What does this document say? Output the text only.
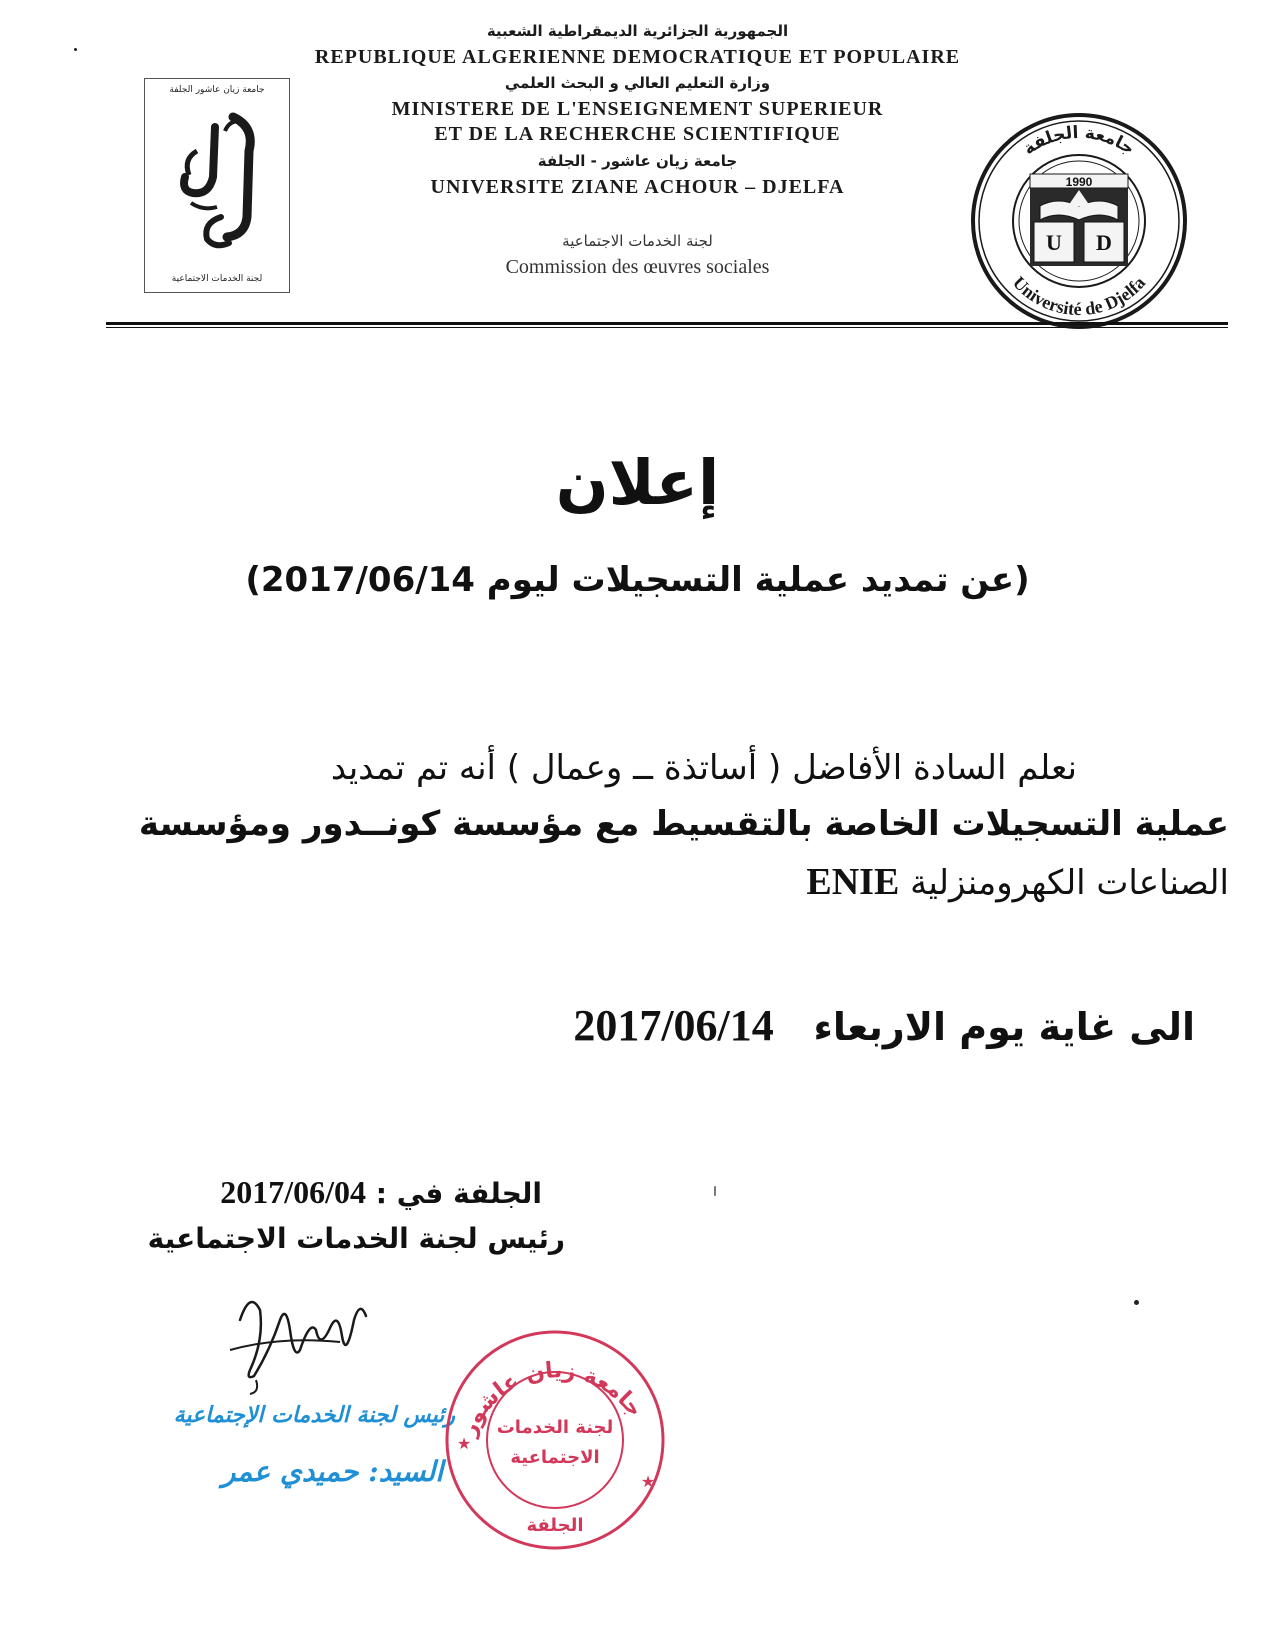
الجمهورية الجزائرية الديمقراطية الشعبية
REPUBLIQUE ALGERIENNE DEMOCRATIQUE ET POPULAIRE
وزارة التعليم العالي و البحث العلمي
MINISTERE DE L'ENSEIGNEMENT SUPERIEUR
ET DE LA RECHERCHE SCIENTIFIQUE
جامعة زيان عاشور - الجلفة
UNIVERSITE ZIANE ACHOUR – DJELFA
لجنة الخدمات الاجتماعية
Commission des œuvres sociales
جامعة زيان عاشور الجلفة
لجنة الخدمات الاجتماعية
جامعة الجلفة
Université de Djelfa
1990
U D
إعلان
(عن تمديد عملية التسجيلات ليوم 2017/06/14)
نعلم السادة الأفاضل ( أساتذة ــ وعمال ) أنه تم تمديد
عملية التسجيلات الخاصة بالتقسيط مع مؤسسة كونــدور ومؤسسة
الصناعات الكهرومنزلية ENIE
الى غاية يوم الاربعاء   2017/06/14
الجلفة في : 2017/06/04
رئيس لجنة الخدمات الاجتماعية
رئيس لجنة الخدمات الإجتماعية
السيد: حميدي عمر
جامعة زيان عاشور
لجنة الخدمات
الاجتماعية
الجلفة
★
★
